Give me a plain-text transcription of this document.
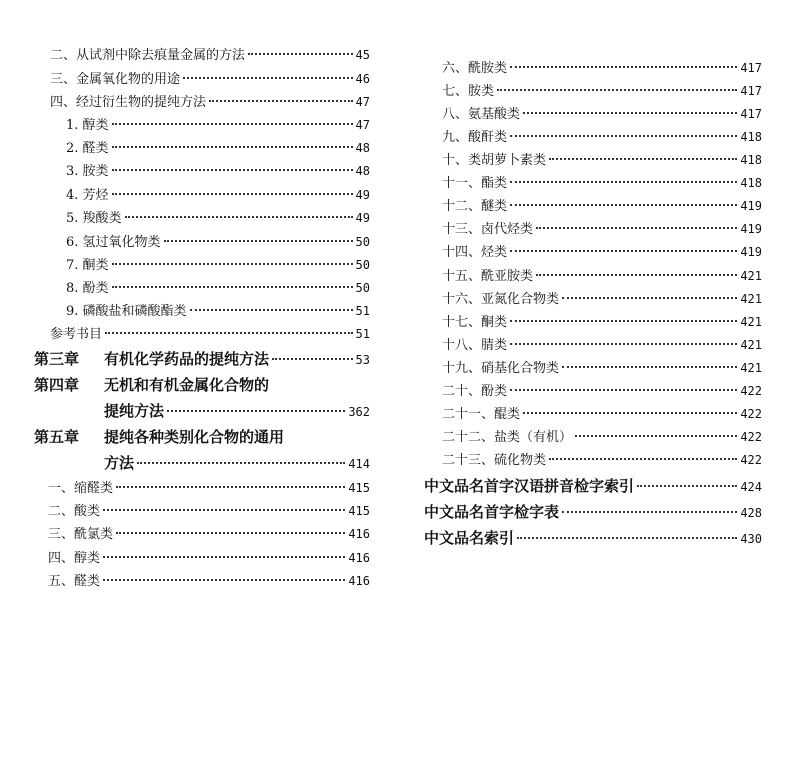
二、从试剂中除去痕量金属的方法	45
三、金属氧化物的用途	46
四、经过衍生物的提纯方法	47
1. 醇类	47
2. 醛类	48
3. 胺类	48
4. 芳烃	49
5. 羧酸类	49
6. 氢过氧化物类	50
7. 酮类	50
8. 酚类	50
9. 磷酸盐和磷酸酯类	51
参考书目	51
第三章 有机化学药品的提纯方法	53
第四章 无机和有机金属化合物的
提纯方法	362
第五章 提纯各种类别化合物的通用
方法	414
一、缩醛类	415
二、酸类	415
三、酰氯类	416
四、醇类	416
五、醛类	416
六、酰胺类	417
七、胺类	417
八、氨基酸类	417
九、酸酐类	418
十、类胡萝卜素类	418
十一、酯类	418
十二、醚类	419
十三、卤代烃类	419
十四、烃类	419
十五、酰亚胺类	421
十六、亚氮化合物类	421
十七、酮类	421
十八、腈类	421
十九、硝基化合物类	421
二十、酚类	422
二十一、醌类	422
二十二、盐类（有机）	422
二十三、硫化物类	422
中文品名首字汉语拼音检字索引	424
中文品名首字检字表	428
中文品名索引	430
